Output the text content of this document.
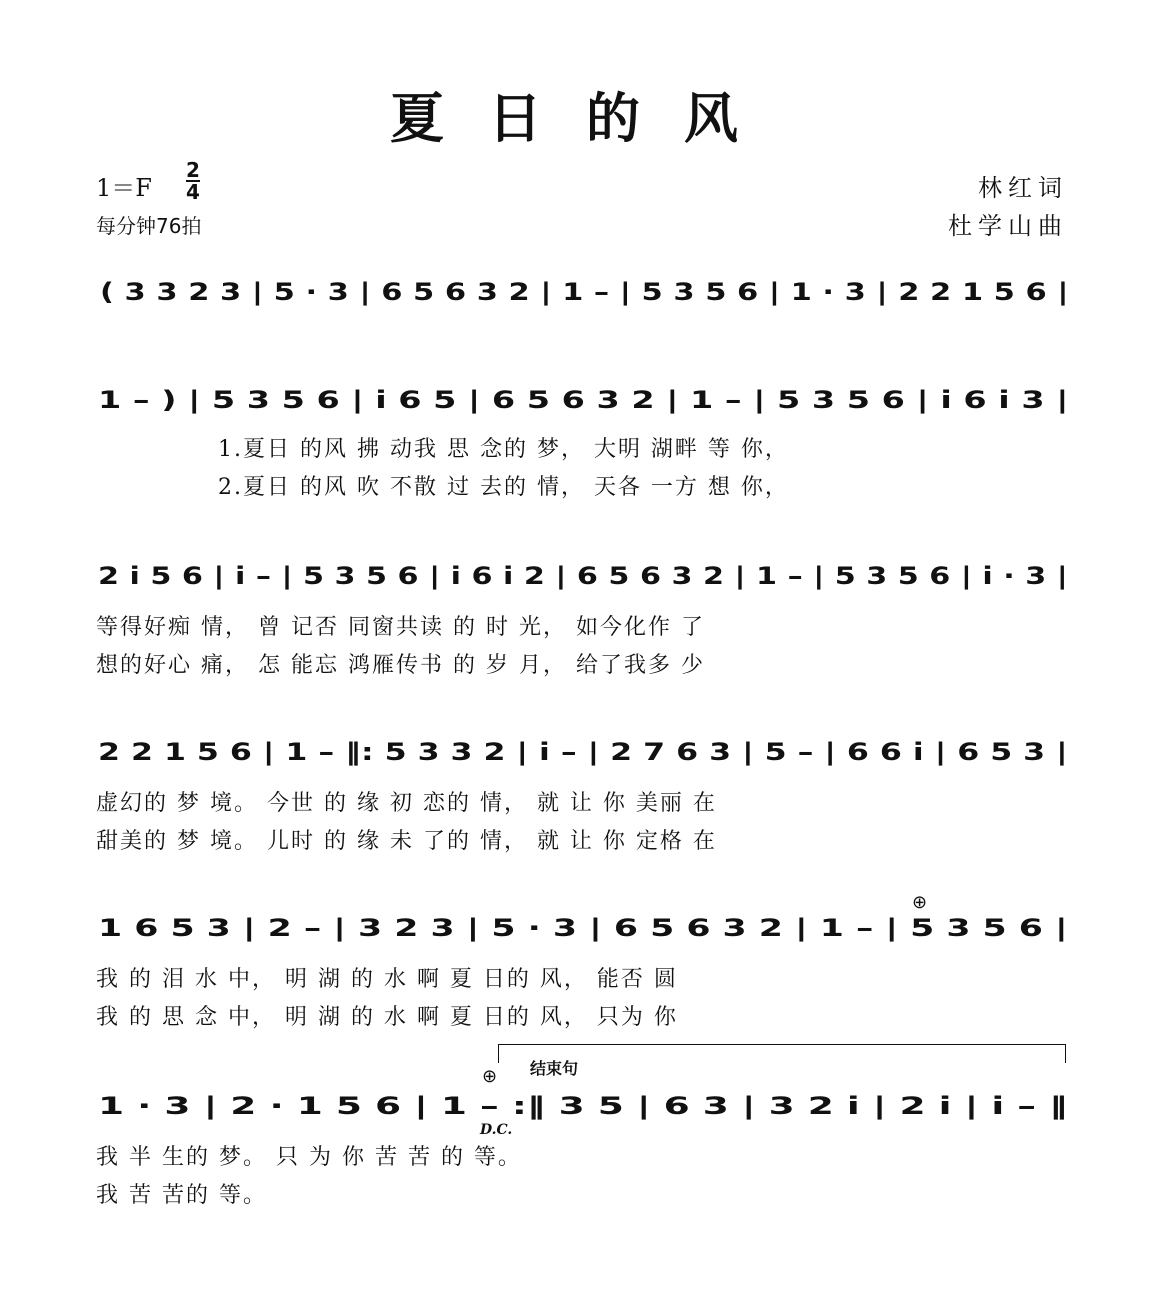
夏日的风
1＝F
2
4
每分钟76拍
林红词
杜学山曲
( 3 3 2 3 | 5 · 3 | 6 5 6 3 2 | 1 – | 5 3 5 6 | 1 · 3 | 2 2 1 5 6 |
1 – ) | 5 3 5 6 | i 6 5 | 6 5 6 3 2 | 1 – | 5 3 5 6 | i 6 i 3 |
1.夏日 的风 拂 动我 思 念的 梦， 大明 湖畔 等 你，
2.夏日 的风 吹 不散 过 去的 情， 天各 一方 想 你，
2 i 5 6 | i – | 5 3 5 6 | i 6 i 2 | 6 5 6 3 2 | 1 – | 5 3 5 6 | i · 3 |
等得好痴 情， 曾 记否 同窗共读 的 时 光， 如今化作 了
想的好心 痛， 怎 能忘 鸿雁传书 的 岁 月， 给了我多 少
2 2 1 5 6 | 1 – ‖: 5 3 3 2 | i – | 2 7 6 3 | 5 – | 6 6 i | 6 5 3 |
虚幻的 梦 境。 今世 的 缘 初 恋的 情， 就 让 你 美丽 在
甜美的 梦 境。 儿时 的 缘 未 了的 情， 就 让 你 定格 在
⊕
1 6 5 3 | 2 – | 3 2 3 | 5 · 3 | 6 5 6 3 2 | 1 – | 5 3 5 6 |
我 的 泪 水 中， 明 湖 的 水 啊 夏 日的 风， 能否 圆
我 的 思 念 中， 明 湖 的 水 啊 夏 日的 风， 只为 你
结束句
⊕
D.C.
1 · 3 | 2 · 1 5 6 | 1 – :‖ 3 5 | 6 3 | 3 2 i | 2 i | i – ‖
我 半 生的 梦。 只 为 你 苦 苦 的 等。
我 苦 苦的 等。
